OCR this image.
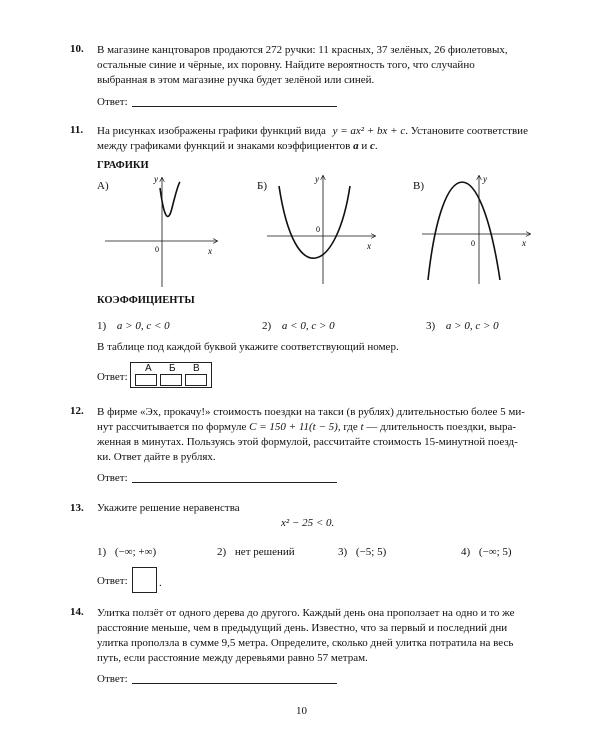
10. В магазине канцтоваров продаются 272 ручки: 11 красных, 37 зелёных, 26 фиолетовых,
остальные синие и чёрные, их поровну. Найдите вероятность того, что случайно
выбранная в этом магазине ручка будет зелёной или синей.
Ответ:
11. На рисунках изображены графики функций вида y = ax² + bx + c. Установите соответствие
между графиками функций и знаками коэффициентов a и c.
ГРАФИКИ
А)	Б)	В)
x
y
0	x
y
0
x
y
0
КОЭФФИЦИЕНТЫ
1) a > 0, c < 0	2) a < 0, c > 0	3) a > 0, c > 0
В таблице под каждой буквой укажите соответствующий номер.
Ответ:
А Б В
12. В фирме «Эх, прокачу!» стоимость поездки на такси (в рублях) длительностью более 5 ми-
нут рассчитывается по формуле C = 150 + 11(t − 5), где t — длительность поездки, выра-
женная в минутах. Пользуясь этой формулой, рассчитайте стоимость 15-минутной поезд-
ки. Ответ дайте в рублях.
Ответ:
13. Укажите решение неравенства
x² − 25 < 0.
1) (−∞; +∞)	2) нет решений	3) (−5; 5)	4) (−∞; 5)
Ответ:	.
14. Улитка ползёт от одного дерева до другого. Каждый день она проползает на одно и то же
расстояние меньше, чем в предыдущий день. Известно, что за первый и последний дни
улитка проползла в сумме 9,5 метра. Определите, сколько дней улитка потратила на весь
путь, если расстояние между деревьями равно 57 метрам.
Ответ:
10
